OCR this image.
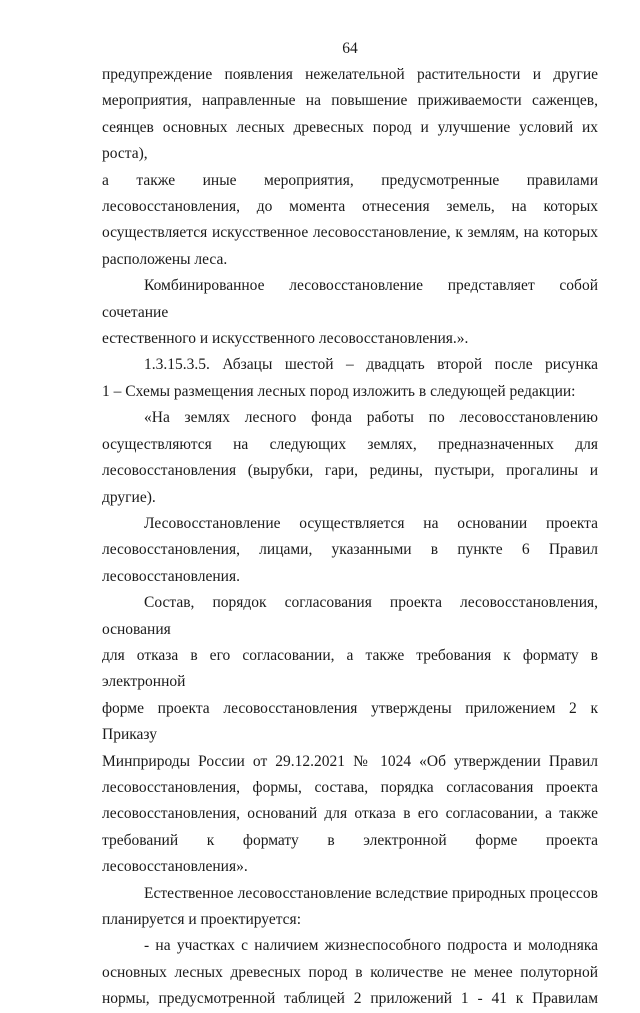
64

предупреждение появления нежелательной растительности и другие

мероприятия, направленные на повышение приживаемости саженцев,

сеянцев основных лесных древесных пород и улучшение условий их роста),

а также иные мероприятия, предусмотренные правилами

лесовосстановления, до момента отнесения земель, на которых

осуществляется искусственное лесовосстановление, к землям, на которых

расположены леса.

Комбинированное лесовосстановление представляет собой сочетание

естественного и искусственного лесовосстановления.».

1.3.15.3.5. Абзацы шестой – двадцать второй после рисунка

1 – Схемы размещения лесных пород изложить в следующей редакции:

«На землях лесного фонда работы по лесовосстановлению

осуществляются на следующих землях, предназначенных для

лесовосстановления (вырубки, гари, редины, пустыри, прогалины и другие).

Лесовосстановление осуществляется на основании проекта

лесовосстановления, лицами, указанными в пункте 6 Правил

лесовосстановления.

Состав, порядок согласования проекта лесовосстановления, основания

для отказа в его согласовании, а также требования к формату в электронной

форме проекта лесовосстановления утверждены приложением 2 к Приказу

Минприроды России от 29.12.2021 № 1024 «Об утверждении Правил

лесовосстановления, формы, состава, порядка согласования проекта

лесовосстановления, оснований для отказа в его согласовании, а также

требований к формату в электронной форме проекта лесовосстановления».

Естественное лесовосстановление вследствие природных процессов

планируется и проектируется:

- на участках с наличием жизнеспособного подроста и молодняка

основных лесных древесных пород в количестве не менее полуторной

нормы, предусмотренной таблицей 2 приложений 1 - 41 к Правилам
